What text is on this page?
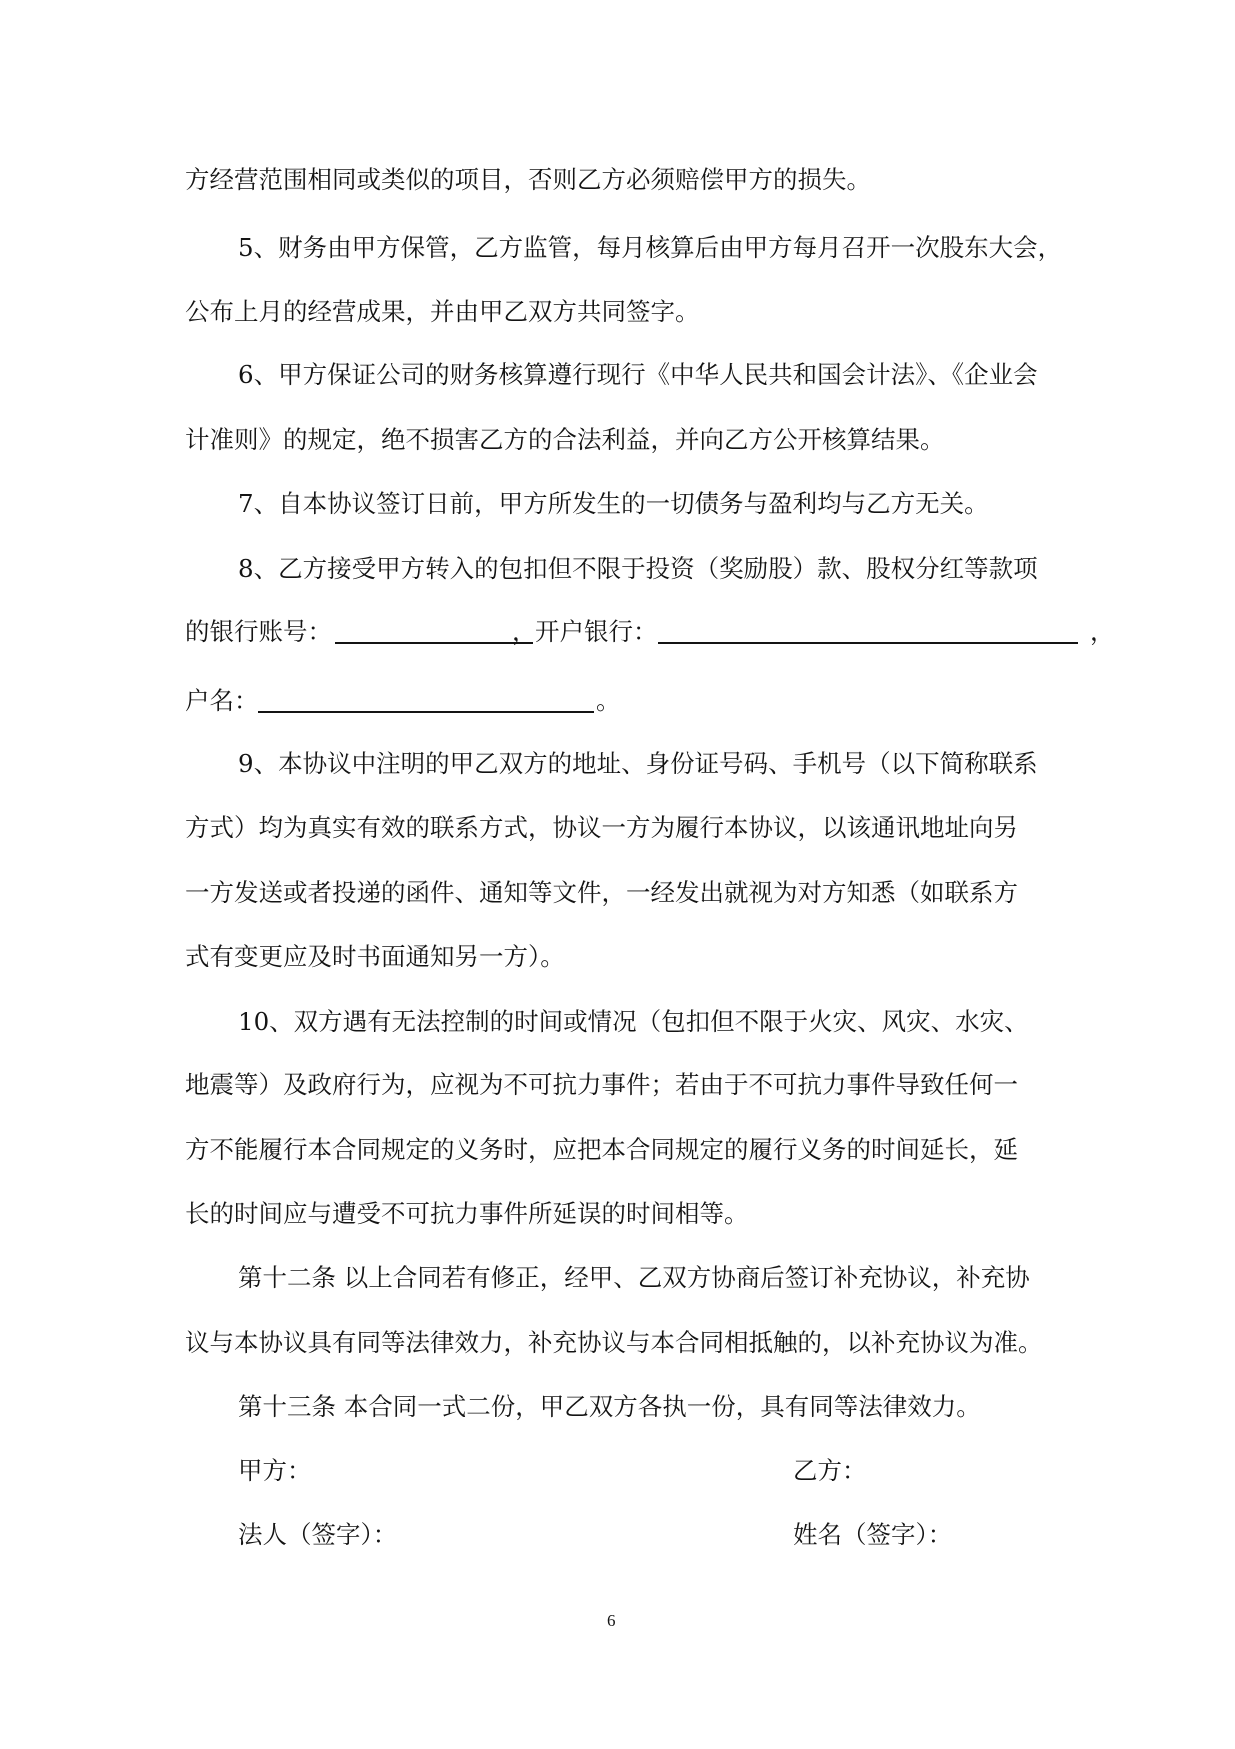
方经营范围相同或类似的项目，否则乙方必须赔偿甲方的损失。
5、财务由甲方保管，乙方监管，每月核算后由甲方每月召开一次股东大会，
公布上月的经营成果，并由甲乙双方共同签字。
6、甲方保证公司的财务核算遵行现行《中华人民共和国会计法》、《企业会
计准则》的规定，绝不损害乙方的合法利益，并向乙方公开核算结果。
7、自本协议签订日前，甲方所发生的一切债务与盈利均与乙方无关。
8、乙方接受甲方转入的包扣但不限于投资（奖励股）款、股权分红等款项
的银行账号：	，
开户银行：	，
户名：	。
9、本协议中注明的甲乙双方的地址、身份证号码、手机号（以下简称联系
方式）均为真实有效的联系方式，协议一方为履行本协议，以该通讯地址向另
一方发送或者投递的函件、通知等文件，一经发出就视为对方知悉（如联系方
式有变更应及时书面通知另一方）。
10、双方遇有无法控制的时间或情况（包扣但不限于火灾、风灾、水灾、
地震等）及政府行为，应视为不可抗力事件；若由于不可抗力事件导致任何一
方不能履行本合同规定的义务时，应把本合同规定的履行义务的时间延长，延
长的时间应与遭受不可抗力事件所延误的时间相等。
第十二条 以上合同若有修正，经甲、乙双方协商后签订补充协议，补充协
议与本协议具有同等法律效力，补充协议与本合同相抵触的，以补充协议为准。
第十三条 本合同一式二份，甲乙双方各执一份，具有同等法律效力。
甲方：	乙方：
法人（签字）：	姓名（签字）：
6
